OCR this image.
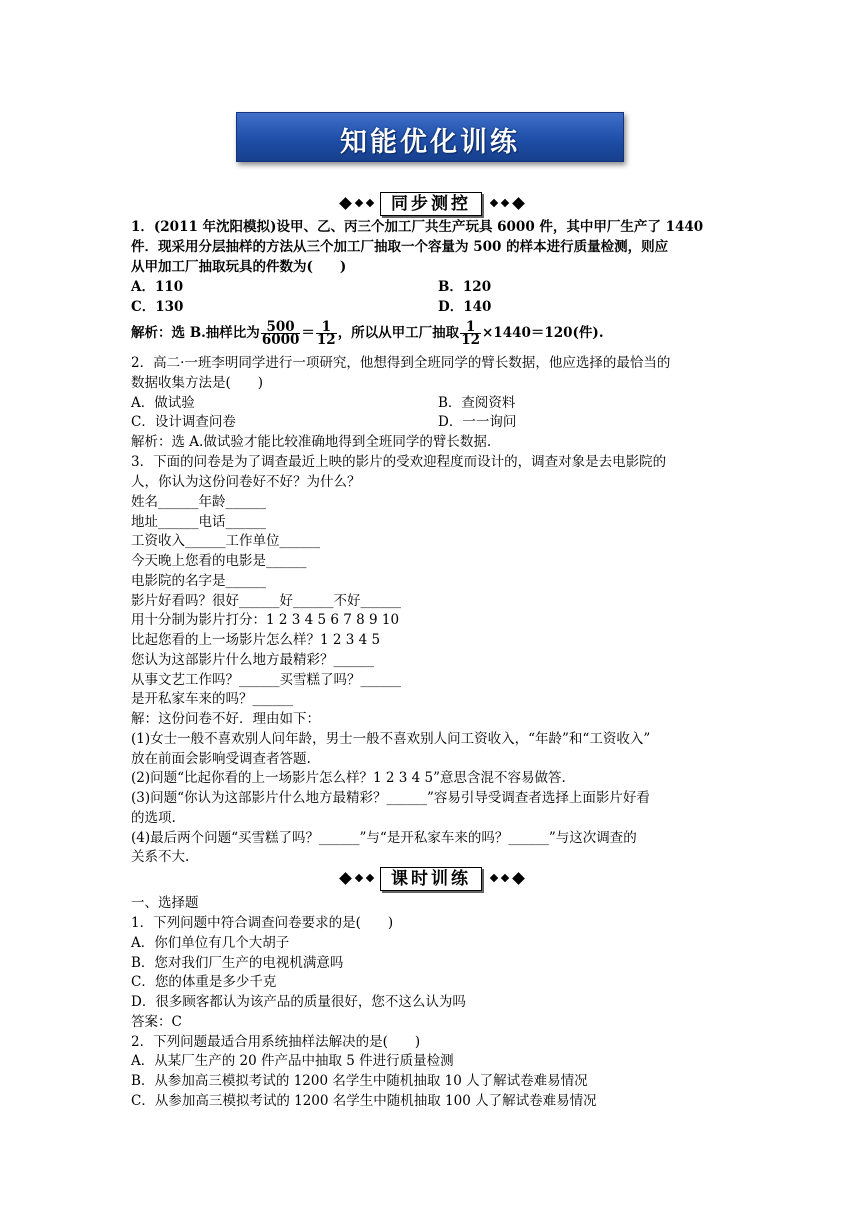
知能优化训练
同步测控
1．(2011 年沈阳模拟)设甲、乙、丙三个加工厂共生产玩具 6000 件，其中甲厂生产了 1440
件．现采用分层抽样的方法从三个加工厂抽取一个容量为 500 的样本进行质量检测，则应
从甲加工厂抽取玩具的件数为(　　)
A．110	B．120
C．130	D．140
解析：选 B.抽样比为 $\frac{500}{6000} = \frac{1}{12}$ ，所以从甲工厂抽取 $\frac{1}{12} \times 1440=120$(件).
2．高二·一班李明同学进行一项研究，他想得到全班同学的臂长数据，他应选择的最恰当的
数据收集方法是(　　)
A．做试验	B．查阅资料
C．设计调查问卷	D．一一询问
解析：选 A.做试验才能比较准确地得到全班同学的臂长数据.
3．下面的问卷是为了调查最近上映的影片的受欢迎程度而设计的，调查对象是去电影院的
人，你认为这份问卷好不好？为什么？
姓名______年龄______
地址______电话______
工资收入______工作单位______
今天晚上您看的电影是______
电影院的名字是______
影片好看吗？很好______好______不好______
用十分制为影片打分：1 2 3 4 5 6 7 8 9 10
比起您看的上一场影片怎么样？1 2 3 4 5
您认为这部影片什么地方最精彩？______
从事文艺工作吗？______买雪糕了吗？______
是开私家车来的吗？______
解：这份问卷不好．理由如下：
(1)女士一般不喜欢别人问年龄，男士一般不喜欢别人问工资收入，“年龄”和“工资收入”
放在前面会影响受调查者答题.
(2)问题“比起你看的上一场影片怎么样？1 2 3 4 5”意思含混不容易做答.
(3)问题“你认为这部影片什么地方最精彩？______”容易引导受调查者选择上面影片好看
的选项.
(4)最后两个问题“买雪糕了吗？______”与“是开私家车来的吗？______”与这次调查的
关系不大.
课时训练
一、选择题
1．下列问题中符合调查问卷要求的是(　　)
A．你们单位有几个大胡子
B．您对我们厂生产的电视机满意吗
C．您的体重是多少千克
D．很多顾客都认为该产品的质量很好，您不这么认为吗
答案：C
2．下列问题最适合用系统抽样法解决的是(　　)
A．从某厂生产的 20 件产品中抽取 5 件进行质量检测
B．从参加高三模拟考试的 1200 名学生中随机抽取 10 人了解试卷难易情况
C．从参加高三模拟考试的 1200 名学生中随机抽取 100 人了解试卷难易情况
